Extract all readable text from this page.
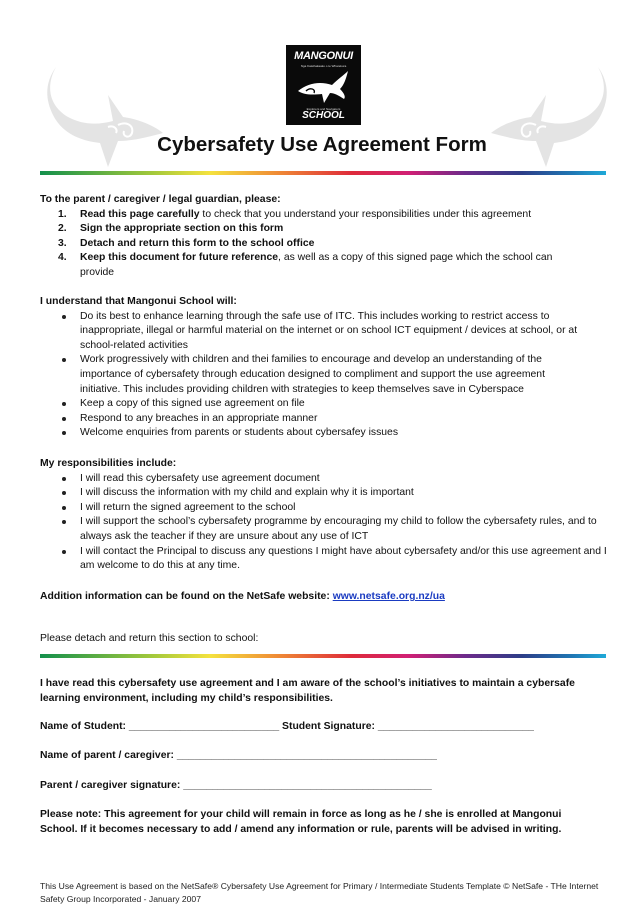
MANGONUI
Nga Kaiwhakaako o te Wharekura
Explorers and Navigators
SCHOOL
Cybersafety Use Agreement Form
To the parent / caregiver / legal guardian, please:
1. Read this page carefully to check that you understand your responsibilities under this agreement
2. Sign the appropriate section on this form
3. Detach and return this form to the school office
4. Keep this document for future reference, as well as a copy of this signed page which the school can provide
I understand that Mangonui School will:
Do its best to enhance learning through the safe use of ITC. This includes working to restrict access to inappropriate, illegal or harmful material on the internet or on school ICT equipment / devices at school, or at school-related activities
Work progressively with children and thei families to encourage and develop an understanding of the importance of cybersafety through education designed to compliment and support the use agreement initiative. This includes providing children with strategies to keep themselves save in Cyberspace
Keep a copy of this signed use agreement on file
Respond to any breaches in an appropriate manner
Welcome enquiries from parents or students about cybersafey issues
My responsibilities include:
I will read this cybersafety use agreement document
I will discuss the information with my child and explain why it is important
I will return the signed agreement to the school
I will support the school’s cybersafety programme by encouraging my child to follow the cybersafety rules, and to always ask the teacher if they are unsure about any use of ICT
I will contact the Principal to discuss any questions I might have about cybersafety and/or this use agreement and I am welcome to do this at any time.
Addition information can be found on the NetSafe website: www.netsafe.org.nz/ua
Please detach and return this section to school:
I have read this cybersafety use agreement and I am aware of the school’s initiatives to maintain a cybersafe learning environment, including my child’s responsibilities.
Name of Student: __________________________ Student Signature: ___________________________
Name of parent / caregiver: _____________________________________________
Parent / caregiver signature: ___________________________________________
Please note: This agreement for your child will remain in force as long as he / she is enrolled at Mangonui School. If it becomes necessary to add / amend any information or rule, parents will be advised in writing.
This Use Agreement is based on the NetSafe® Cybersafety Use Agreement for Primary / Intermediate Students Template © NetSafe - THe Internet Safety Group Incorporated - January 2007
